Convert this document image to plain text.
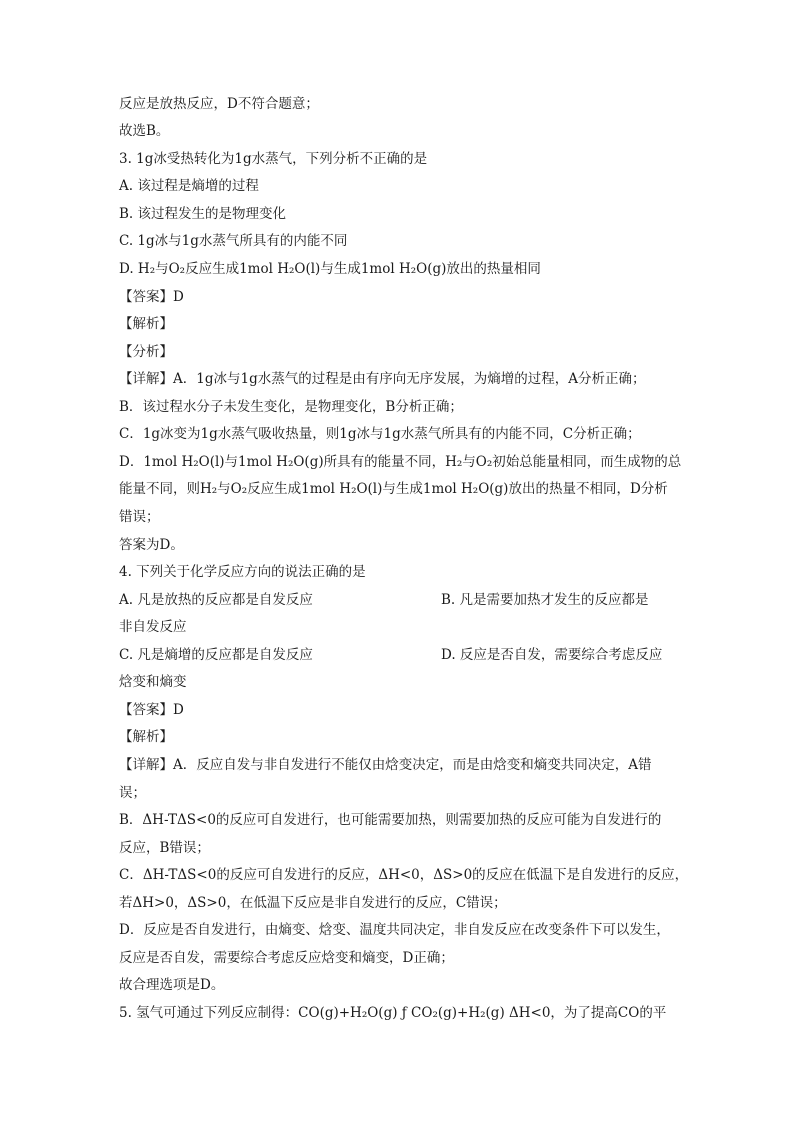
反应是放热反应，D不符合题意；
故选B。
3. 1g冰受热转化为1g水蒸气，下列分析不正确的是
A. 该过程是熵增的过程
B. 该过程发生的是物理变化
C. 1g冰与1g水蒸气所具有的内能不同
D. H₂与O₂反应生成1mol H₂O(l)与生成1mol H₂O(g)放出的热量相同
【答案】D
【解析】
【分析】
【详解】A．1g冰与1g水蒸气的过程是由有序向无序发展，为熵增的过程，A分析正确；
B．该过程水分子未发生变化，是物理变化，B分析正确；
C．1g冰变为1g水蒸气吸收热量，则1g冰与1g水蒸气所具有的内能不同，C分析正确；
D．1mol H₂O(l)与1mol H₂O(g)所具有的能量不同，H₂与O₂初始总能量相同，而生成物的总
能量不同，则H₂与O₂反应生成1mol H₂O(l)与生成1mol H₂O(g)放出的热量不相同，D分析
错误；
答案为D。
4. 下列关于化学反应方向的说法正确的是
A. 凡是放热的反应都是自发反应	B. 凡是需要加热才发生的反应都是
非自发反应
C. 凡是熵增的反应都是自发反应	D. 反应是否自发，需要综合考虑反应
焓变和熵变
【答案】D
【解析】
【详解】A．反应自发与非自发进行不能仅由焓变决定，而是由焓变和熵变共同决定，A错
误；
B．ΔH-TΔS<0的反应可自发进行，也可能需要加热，则需要加热的反应可能为自发进行的
反应，B错误；
C．ΔH-TΔS<0的反应可自发进行的反应，ΔH<0，ΔS>0的反应在低温下是自发进行的反应，
若ΔH>0，ΔS>0，在低温下反应是非自发进行的反应，C错误；
D．反应是否自发进行，由熵变、焓变、温度共同决定，非自发反应在改变条件下可以发生，
反应是否自发，需要综合考虑反应焓变和熵变，D正确；
故合理选项是D。
5. 氢气可通过下列反应制得：CO(g)+H₂O(g) ƒ CO₂(g)+H₂(g) ΔH<0，为了提高CO的平
